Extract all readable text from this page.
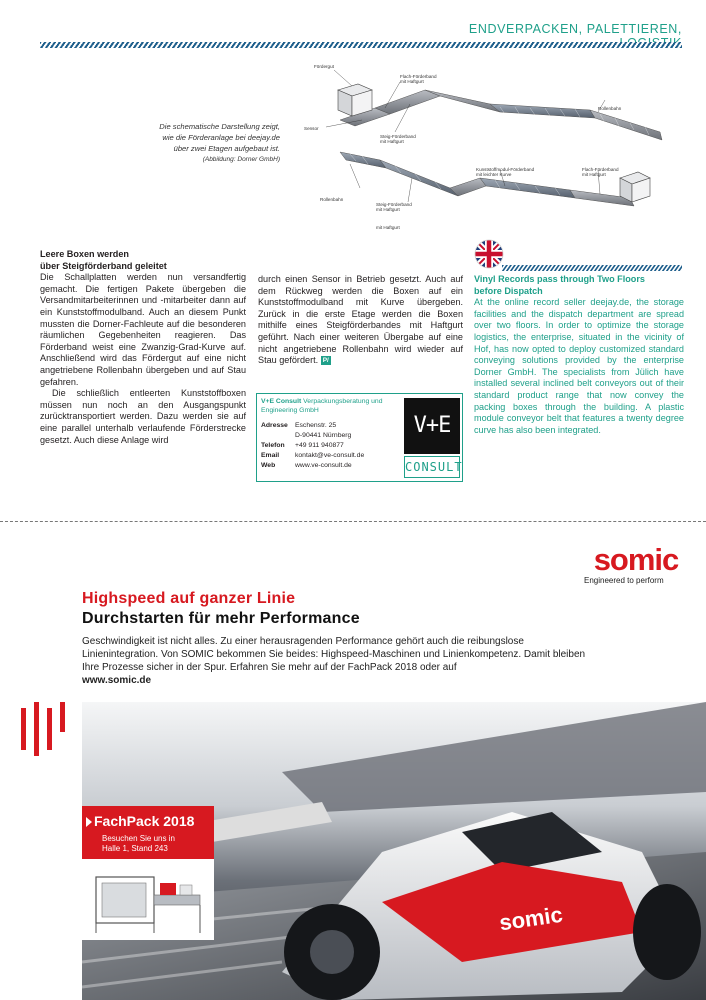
ENDVERPACKEN, PALETTIEREN,
Die schematische Darstellung zeigt,
wie die Förderanlage bei deejay.de
über zwei Etagen aufgebaut ist.
(Abbildung: Dorner GmbH)
Fördergut
Flach-Förderband
mit Haftgurt
Rollenbahn
Sensor
Steig-Förderband
mit Haftgurt
Kunststoffmodul-Förderband
mit leichter Kurve
Flach-Förderband
mit Haftgurt
Rollenbahn
Steig-Förderband
mit Haftgurt
mit Haftgurt
Leere Boxen werden
über Steigförderband geleitet

Die Schallplatten werden nun versandfertig gemacht. Die fertigen Pakete übergeben die Versandmitarbeiterinnen und -mitarbeiter dann auf ein Kunststoffmodulband. Auch an diesem Punkt mussten die Dorner-Fachleute auf die besonderen räumlichen Gegebenheiten reagieren. Das Förderband weist eine Zwanzig-Grad-Kurve auf. Anschließend wird das Fördergut auf eine nicht angetriebene Rollenbahn übergeben und auf Stau gefahren.

Die schließlich entleerten Kunststoffboxen müssen nun noch an den Ausgangspunkt zurücktransportiert werden. Dazu werden sie auf eine parallel unterhalb verlaufende Förderstrecke gesetzt. Auch diese Anlage wird

durch einen Sensor in Betrieb gesetzt. Auch auf dem Rückweg werden die Boxen auf ein Kunststoffmodulband mit Kurve übergeben. Zurück in die erste Etage werden die Boxen mithilfe eines Steigförderbandes mit Haftgurt geführt. Nach einer weiteren Übergabe auf eine nicht angetriebene Rollenbahn wird wieder auf Stau gefördert. P/
V+E Consult Verpackungsberatung und Engineering GmbH
Adresse	Eschenstr. 25
	D-90441 Nürnberg
Telefon	+49 911 940877
Email	kontakt@ve-consult.de
Web	www.ve-consult.de
V+E
CONSULT
Vinyl Records pass through Two Floors
before Dispatch

At the online record seller deejay.de, the storage facilities and the dispatch department are spread over two floors. In order to optimize the storage logistics, the enterprise, situated in the vicinity of Hof, has now opted to deploy customized standard conveying solutions provided by the enterprise Dorner GmbH. The specialists from Jülich have installed several inclined belt conveyors out of their standard product range that now convey the packing boxes through the building. A plastic module conveyor belt that features a twenty degree curve has also been integrated.

somic
Engineered to perform
Highspeed auf ganzer Linie
Durchstarten für mehr Performance
Geschwindigkeit ist nicht alles. Zu einer herausragenden Performance gehört auch die reibungslose Linienintegration. Von SOMIC bekommen Sie beides: Highspeed-Maschinen und Linienkompetenz. Damit bleiben Ihre Prozesse sicher in der Spur. Erfahren Sie mehr auf der FachPack 2018 oder auf
www.somic.de
somic
FachPack 2018
Besuchen Sie uns in
Halle 1, Stand 243
